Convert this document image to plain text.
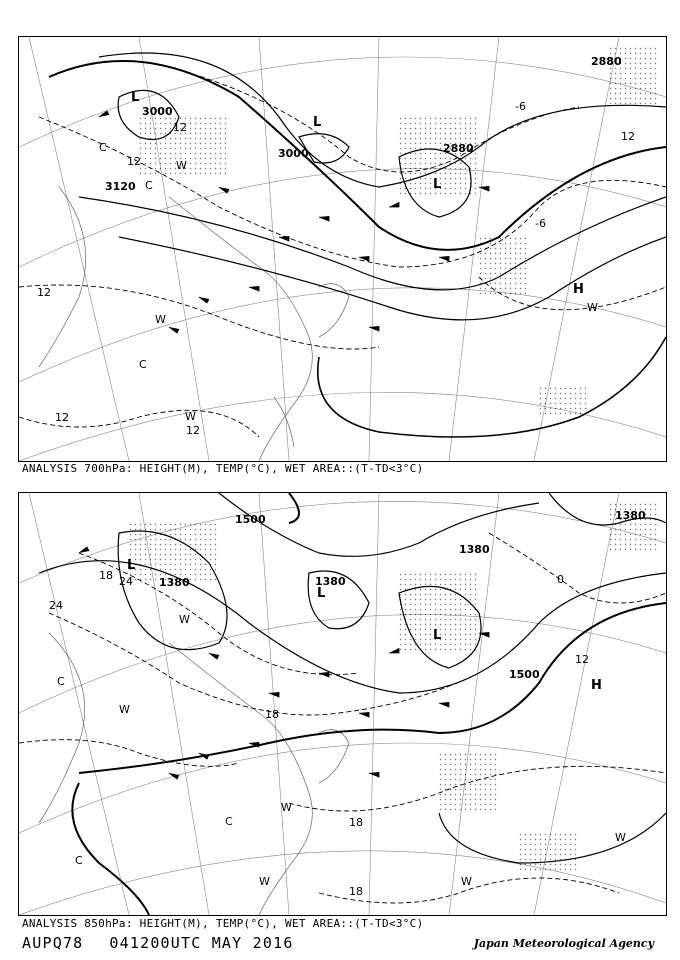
3000
2880
3120
3000	2880
12
12
12
12
-6
12
-6
12
L
L
L
H
C
C
C
W
W
W
W
ANALYSIS 700hPa: HEIGHT(M), TEMP(°C), WET AREA::(T-TD<3°C)
1500
1380	1380
1380
1380
1500
24
24
18	0
12
18
18
18
L
L
L
H
C
C
C
W
W
W
W	W
W
ANALYSIS 850hPa: HEIGHT(M), TEMP(°C), WET AREA::(T-TD<3°C)
AUPQ78 041200UTC MAY 2016	Japan Meteorological Agency
